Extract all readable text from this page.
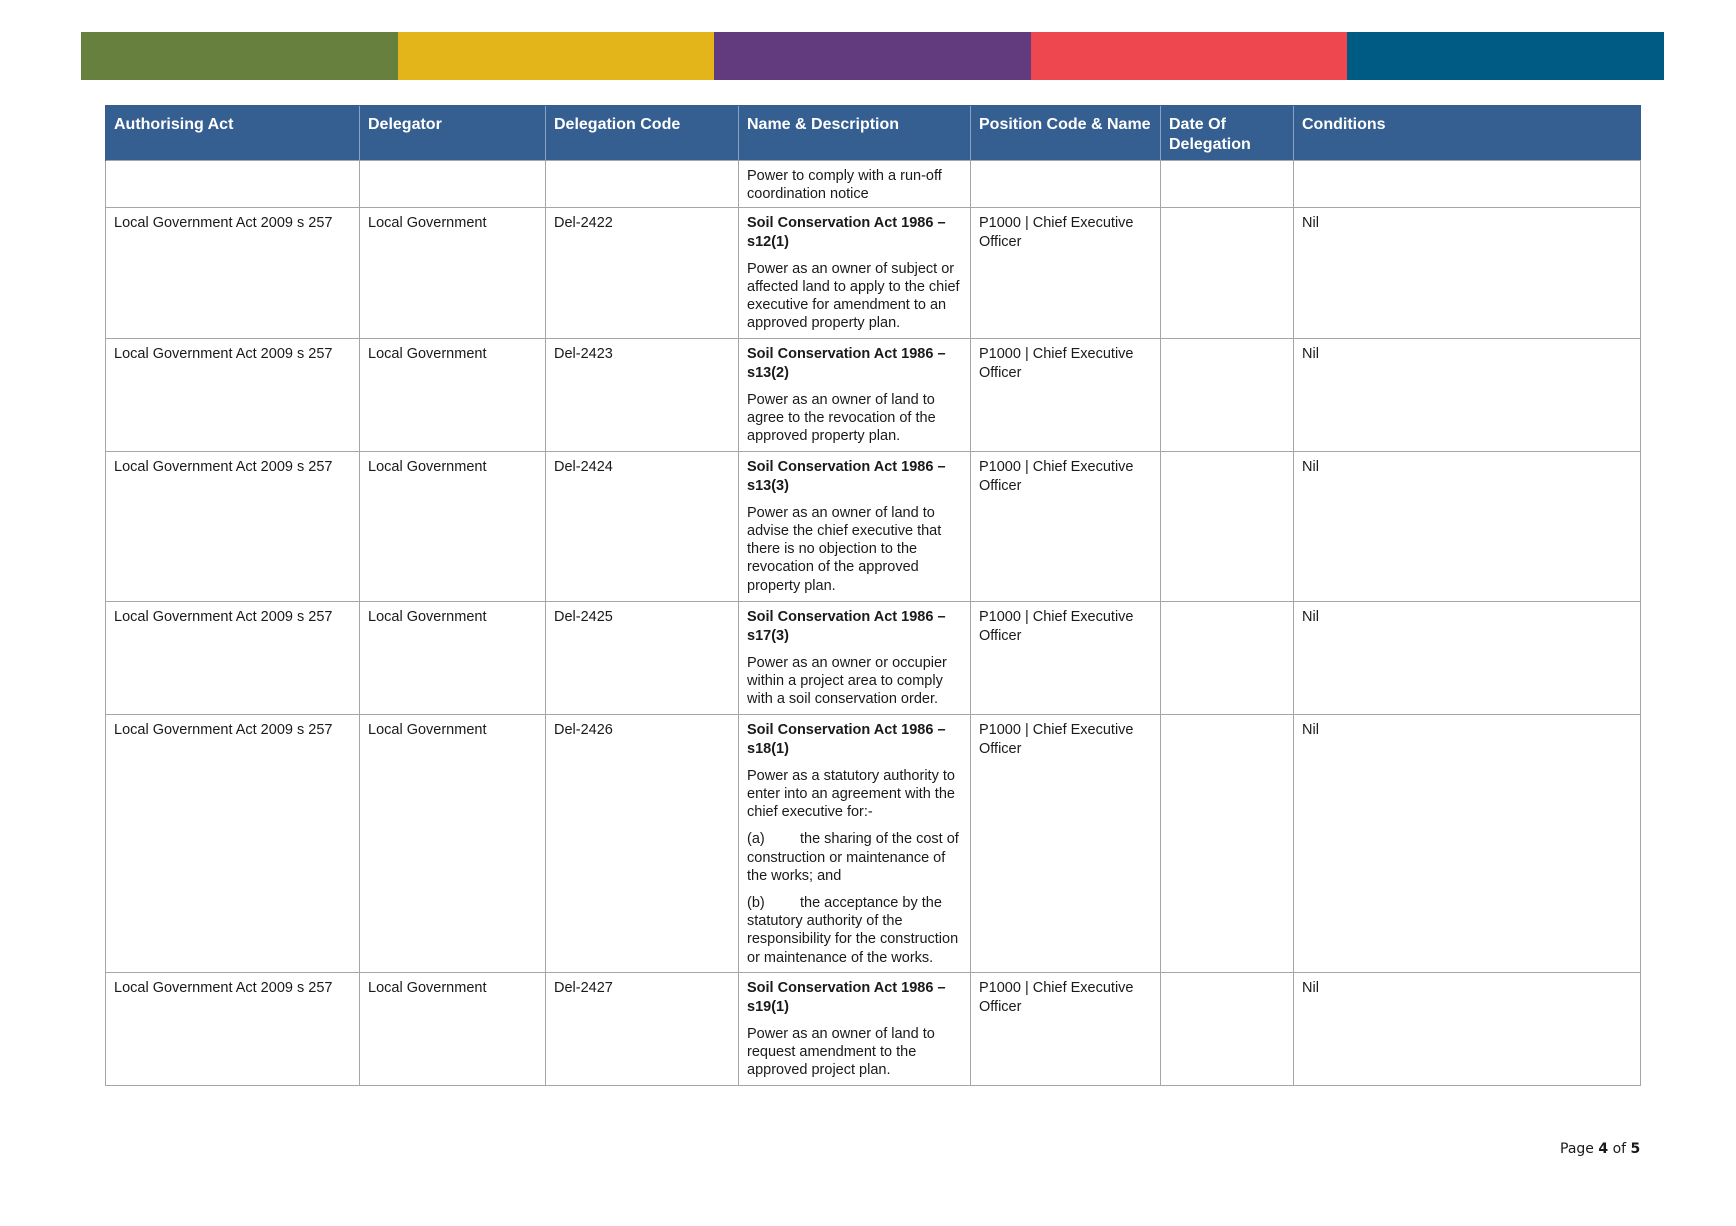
Authorising Act	Delegator	Delegation Code	Name & Description	Position Code & Name	Date Of Delegation	Conditions

			Power to comply with a run-off coordination notice			

Local Government Act 2009 s 257	Local Government	Del-2422	Soil Conservation Act 1986 – s12(1)
Power as an owner of subject or affected land to apply to the chief executive for amendment to an approved property plan.	P1000 | Chief Executive Officer		Nil
Local Government Act 2009 s 257	Local Government	Del-2423	Soil Conservation Act 1986 – s13(2)
Power as an owner of land to agree to the revocation of the approved property plan.	P1000 | Chief Executive Officer		Nil
Local Government Act 2009 s 257	Local Government	Del-2424	Soil Conservation Act 1986 – s13(3)
Power as an owner of land to advise the chief executive that there is no objection to the revocation of the approved property plan.	P1000 | Chief Executive Officer		Nil
Local Government Act 2009 s 257	Local Government	Del-2425	Soil Conservation Act 1986 – s17(3)
Power as an owner or occupier within a project area to comply with a soil conservation order.	P1000 | Chief Executive Officer		Nil
Local Government Act 2009 s 257	Local Government	Del-2426	Soil Conservation Act 1986 – s18(1)
Power as a statutory authority to enter into an agreement with the chief executive for:-
(a) the sharing of the cost of construction or maintenance of the works; and
(b) the acceptance by the statutory authority of the responsibility for the construction or maintenance of the works.	P1000 | Chief Executive Officer		Nil
Local Government Act 2009 s 257	Local Government	Del-2427	Soil Conservation Act 1986 – s19(1)
Power as an owner of land to request amendment to the approved project plan.	P1000 | Chief Executive Officer		Nil
Page 4 of 5
